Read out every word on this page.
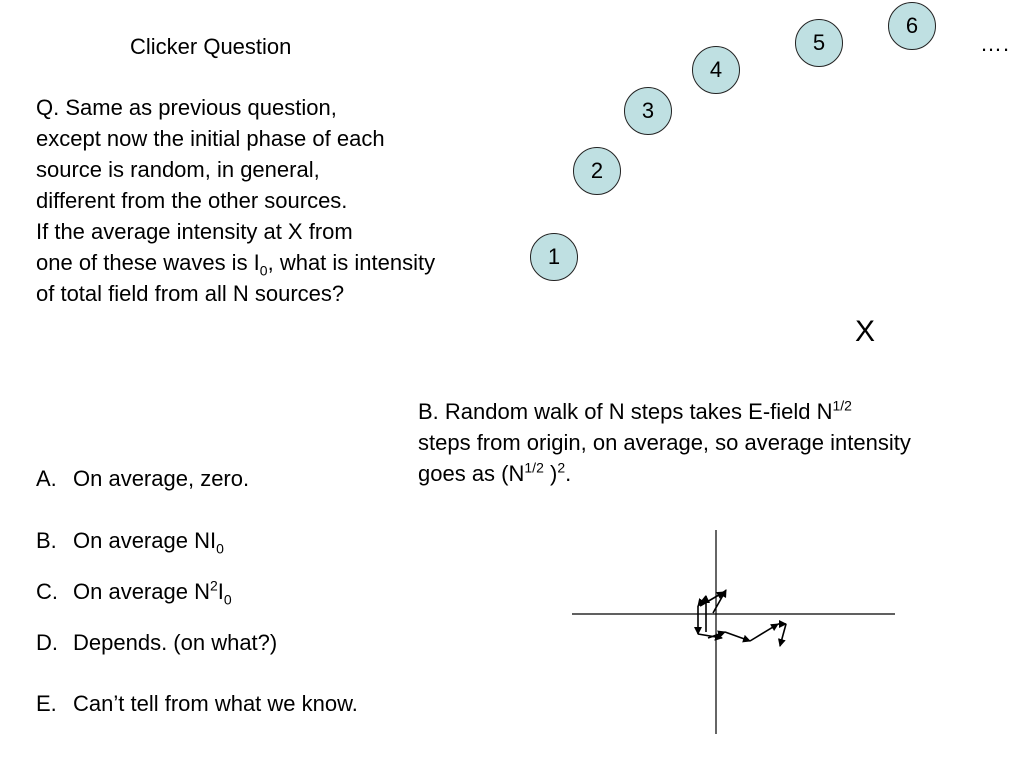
Clicker Question
Q. Same as previous question,
except now the initial phase of each
source is random, in general,
different from the other sources.
If the average intensity at X from
one of these waves is $I_0$, what is intensity
of total field from all N sources?
1
2
3
4
5
6
….
X
B. Random walk of N steps takes E-field $N^{1/2}$
steps from origin, on average, so average intensity
goes as ($N^{1/2}$ )$^2$.
A. On average, zero.
B. On average $NI_0$
C. On average $N^2I_0$
D. Depends. (on what?)
E. Can’t tell from what we know.
